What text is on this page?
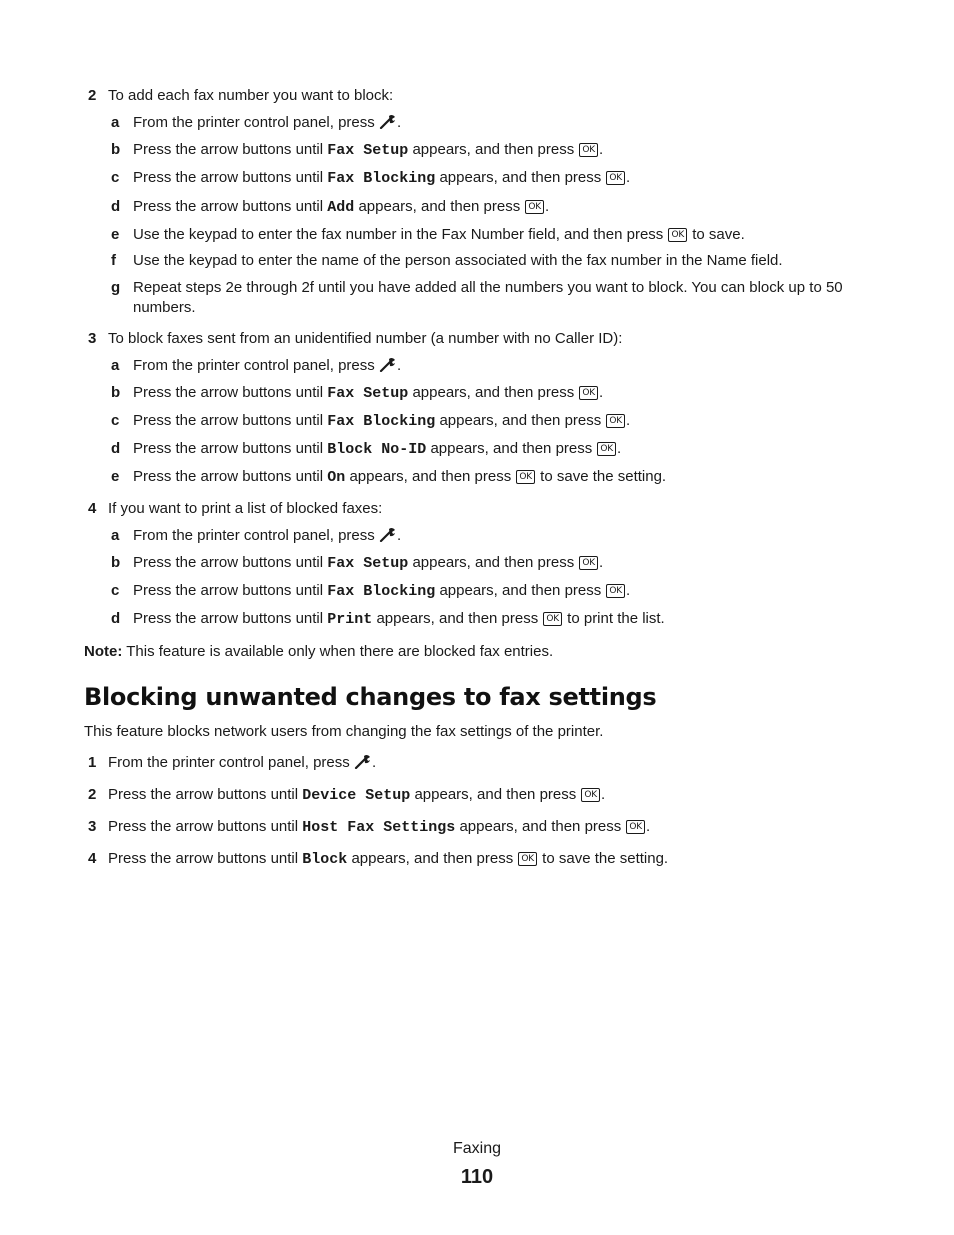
2 To add each fax number you want to block:
a From the printer control panel, press .
b Press the arrow buttons until Fax Setup appears, and then press OK .
c Press the arrow buttons until Fax Blocking appears, and then press OK .
d Press the arrow buttons until Add appears, and then press OK .
e Use the keypad to enter the fax number in the Fax Number field, and then press OK to save.
f	Use the keypad to enter the name of the person associated with the fax number in the Name field.
g Repeat steps 2e through 2f until you have added all the numbers you want to block. You can block up to 50
numbers.
3 To block faxes sent from an unidentified number (a number with no Caller ID):
a From the printer control panel, press .
b Press the arrow buttons until Fax Setup appears, and then press OK .
c Press the arrow buttons until Fax Blocking appears, and then press OK .
d Press the arrow buttons until Block No-ID appears, and then press OK .
e Press the arrow buttons until On appears, and then press OK to save the setting.
4 If you want to print a list of blocked faxes:
a From the printer control panel, press .
b Press the arrow buttons until Fax Setup appears, and then press OK .
c Press the arrow buttons until Fax Blocking appears, and then press OK .
d Press the arrow buttons until Print appears, and then press OK to print the list.
Note: This feature is available only when there are blocked fax entries.
Blocking unwanted changes to fax settings
This feature blocks network users from changing the fax settings of the printer.
1 From the printer control panel, press .
2 Press the arrow buttons until Device Setup appears, and then press OK .
3 Press the arrow buttons until Host Fax Settings appears, and then press OK .
4 Press the arrow buttons until Block appears, and then press OK to save the setting.
Faxing
110
